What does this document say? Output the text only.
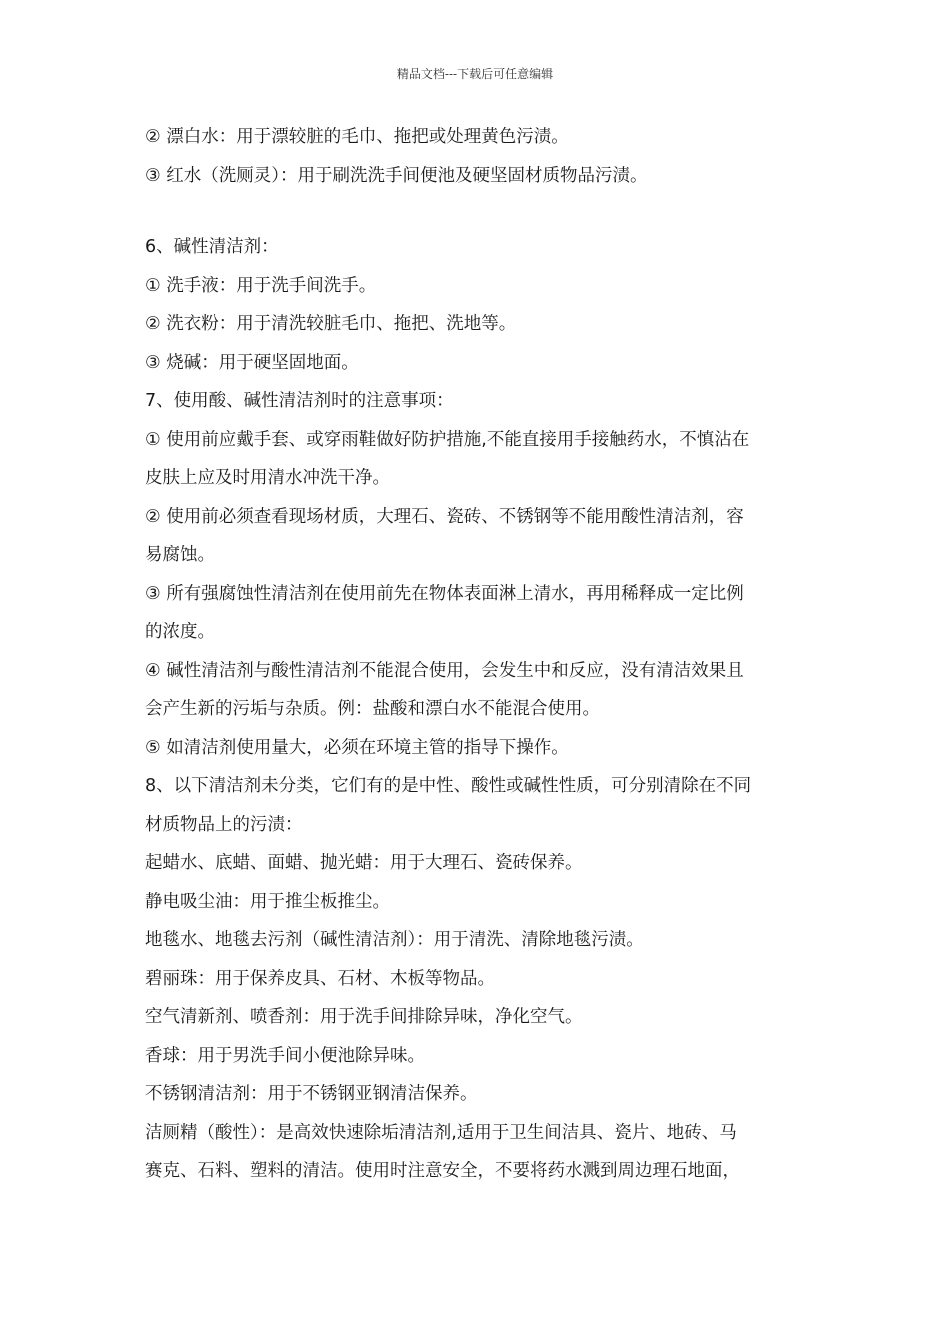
精品文档---下载后可任意编辑
② 漂白水：用于漂较脏的毛巾、拖把或处理黄色污渍。
③ 红水（洗厕灵）：用于刷洗洗手间便池及硬坚固材质物品污渍。
6、碱性清洁剂：
① 洗手液：用于洗手间洗手。
② 洗衣粉：用于清洗较脏毛巾、拖把、洗地等。
③ 烧碱：用于硬坚固地面。
7、使用酸、碱性清洁剂时的注意事项：
① 使用前应戴手套、或穿雨鞋做好防护措施,不能直接用手接触药水，不慎沾在
皮肤上应及时用清水冲洗干净。
② 使用前必须查看现场材质，大理石、瓷砖、不锈钢等不能用酸性清洁剂，容
易腐蚀。
③ 所有强腐蚀性清洁剂在使用前先在物体表面淋上清水，再用稀释成一定比例
的浓度。
④ 碱性清洁剂与酸性清洁剂不能混合使用，会发生中和反应，没有清洁效果且
会产生新的污垢与杂质。例：盐酸和漂白水不能混合使用。
⑤ 如清洁剂使用量大，必须在环境主管的指导下操作。
8、以下清洁剂未分类，它们有的是中性、酸性或碱性性质，可分别清除在不同
材质物品上的污渍：
起蜡水、底蜡、面蜡、抛光蜡：用于大理石、瓷砖保养。
静电吸尘油：用于推尘板推尘。
地毯水、地毯去污剂（碱性清洁剂）：用于清洗、清除地毯污渍。
碧丽珠：用于保养皮具、石材、木板等物品。
空气清新剂、喷香剂：用于洗手间排除异味，净化空气。
香球：用于男洗手间小便池除异味。
不锈钢清洁剂：用于不锈钢亚钢清洁保养。
洁厕精（酸性）：是高效快速除垢清洁剂,适用于卫生间洁具、瓷片、地砖、马
赛克、石料、塑料的清洁。使用时注意安全，不要将药水溅到周边理石地面，
